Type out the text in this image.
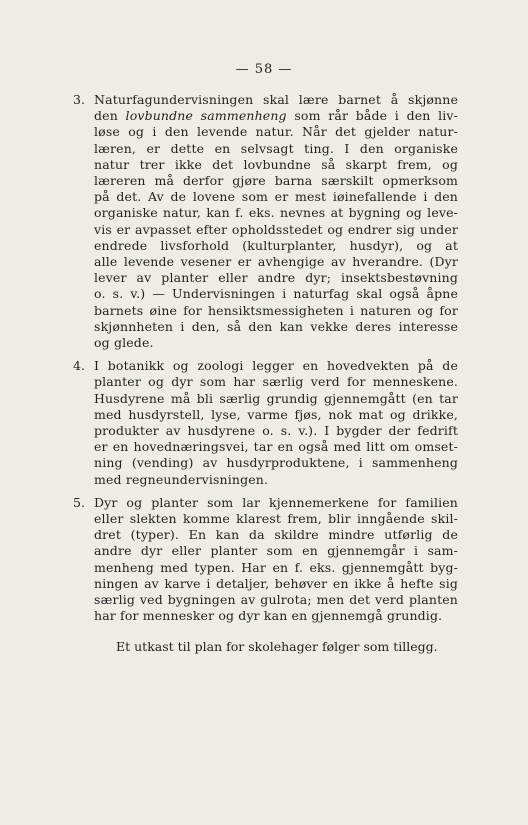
— 58 —
3. Naturfagundervisningen skal lære barnet å skjønne
den lovbundne sammenheng som rår både i den liv-
løse og i den levende natur. Når det gjelder natur-
læren, er dette en selvsagt ting. I den organiske
natur trer ikke det lovbundne så skarpt frem, og
læreren må derfor gjøre barna særskilt opmerksom
på det. Av de lovene som er mest iøinefallende i den
organiske natur, kan f. eks. nevnes at bygning og leve-
vis er avpasset efter opholdsstedet og endrer sig under
endrede livsforhold (kulturplanter, husdyr), og at
alle levende vesener er avhengige av hverandre. (Dyr
lever av planter eller andre dyr; insektsbestøvning
o. s. v.) — Undervisningen i naturfag skal også åpne
barnets øine for hensiktsmessigheten i naturen og for
skjønnheten i den, så den kan vekke deres interesse
og glede.
4. I botanikk og zoologi legger en hovedvekten på de
planter og dyr som har særlig verd for menneskene.
Husdyrene må bli særlig grundig gjennemgått (en tar
med husdyrstell, lyse, varme fjøs, nok mat og drikke,
produkter av husdyrene o. s. v.). I bygder der fedrift
er en hovednæringsvei, tar en også med litt om omset-
ning (vending) av husdyrproduktene, i sammenheng
med regneundervisningen.
5. Dyr og planter som lar kjennemerkene for familien
eller slekten komme klarest frem, blir inngående skil-
dret (typer). En kan da skildre mindre utførlig de
andre dyr eller planter som en gjennemgår i sam-
menheng med typen. Har en f. eks. gjennemgått byg-
ningen av karve i detaljer, behøver en ikke å hefte sig
særlig ved bygningen av gulrota; men det verd planten
har for mennesker og dyr kan en gjennemgå grundig.
Et utkast til plan for skolehager følger som tillegg.
